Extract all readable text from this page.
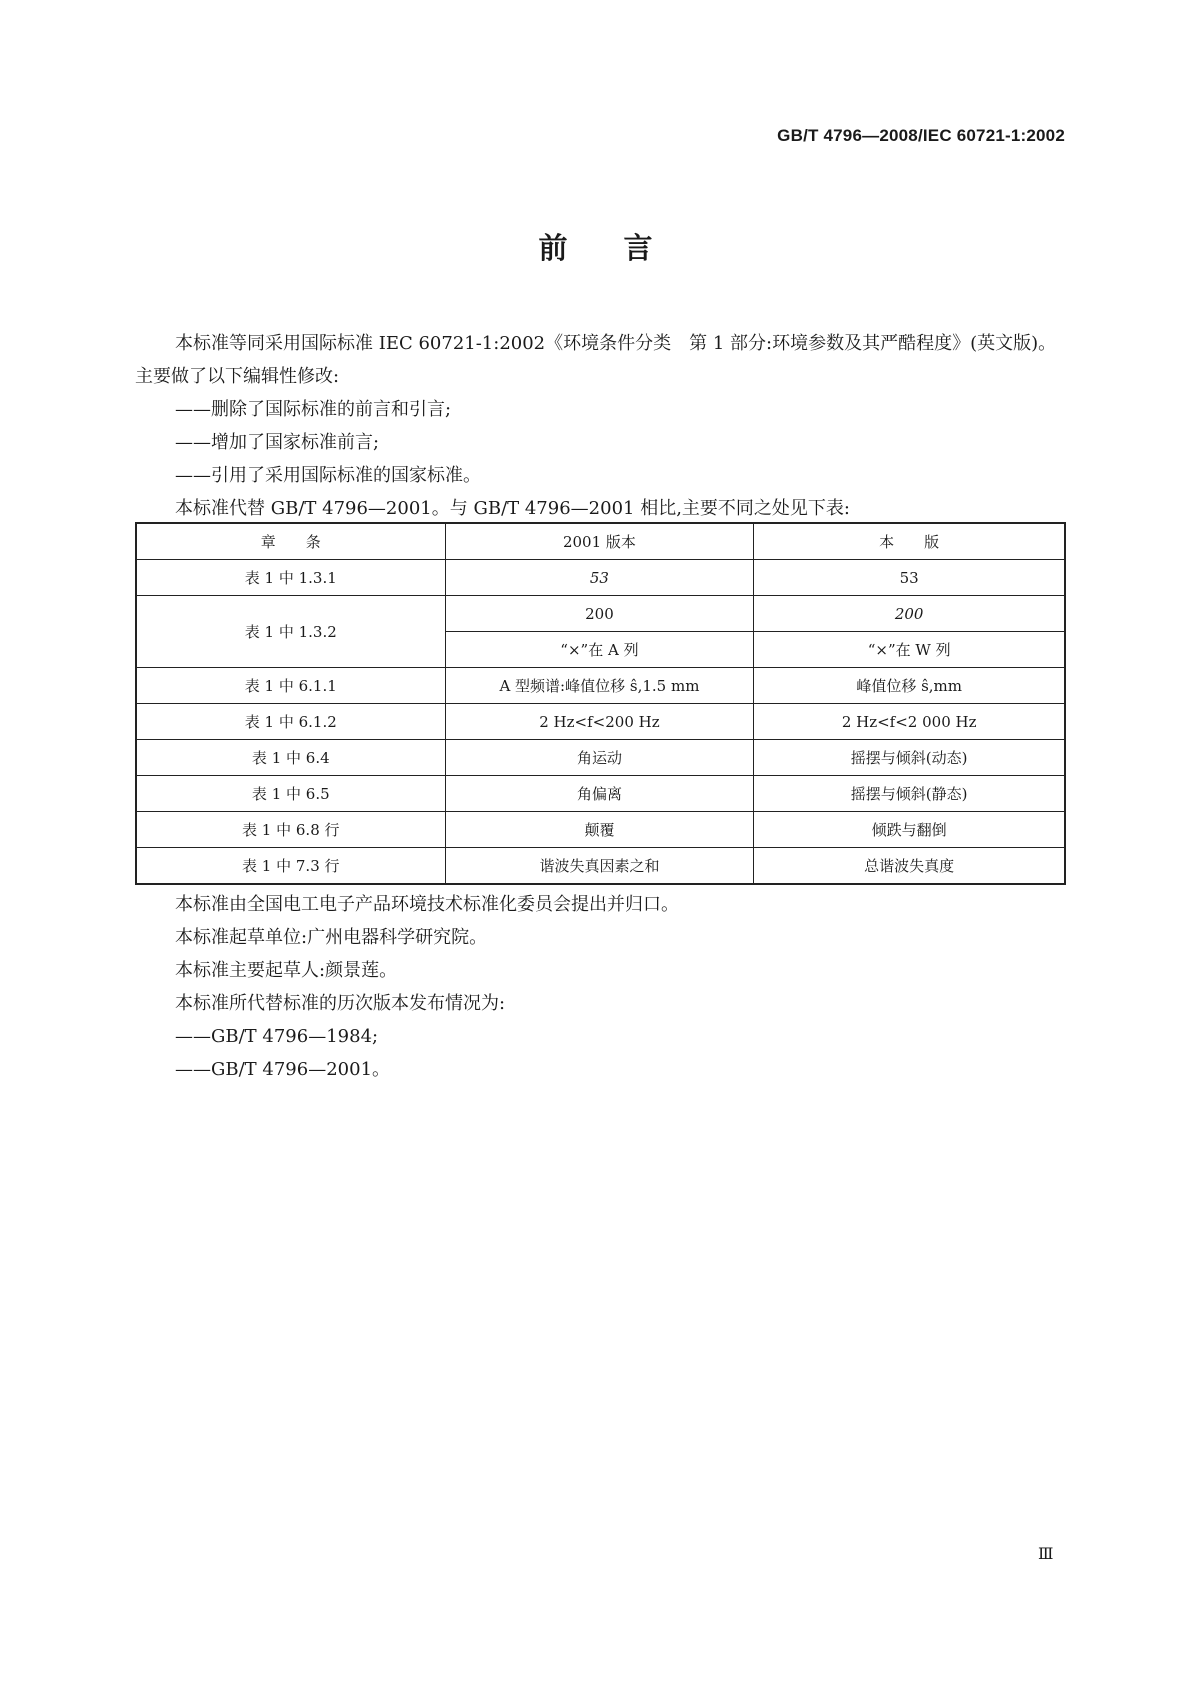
GB/T 4796—2008/IEC 60721-1:2002
前言

本标准等同采用国际标准 IEC 60721-1:2002《环境条件分类　第 1 部分:环境参数及其严酷程度》(英文版)。主要做了以下编辑性修改:

——删除了国际标准的前言和引言;

——增加了国家标准前言;

——引用了采用国际标准的国家标准。

本标准代替 GB/T 4796—2001。与 GB/T 4796—2001 相比,主要不同之处见下表:

章　　条	2001 版本	本　　版
表 1 中 1.3.1	53	53
表 1 中 1.3.2	200	200
	“×”在 A 列	“×”在 W 列
表 1 中 6.1.1	A 型频谱:峰值位移 ŝ,1.5 mm	峰值位移 ŝ,mm
表 1 中 6.1.2	2 Hz<f<200 Hz	2 Hz<f<2 000 Hz
表 1 中 6.4	角运动	摇摆与倾斜(动态)
表 1 中 6.5	角偏离	摇摆与倾斜(静态)
表 1 中 6.8 行	颠覆	倾跌与翻倒
表 1 中 7.3 行	谐波失真因素之和	总谐波失真度

本标准由全国电工电子产品环境技术标准化委员会提出并归口。

本标准起草单位:广州电器科学研究院。

本标准主要起草人:颜景莲。

本标准所代替标准的历次版本发布情况为:

——GB/T 4796—1984;

——GB/T 4796—2001。

Ⅲ
